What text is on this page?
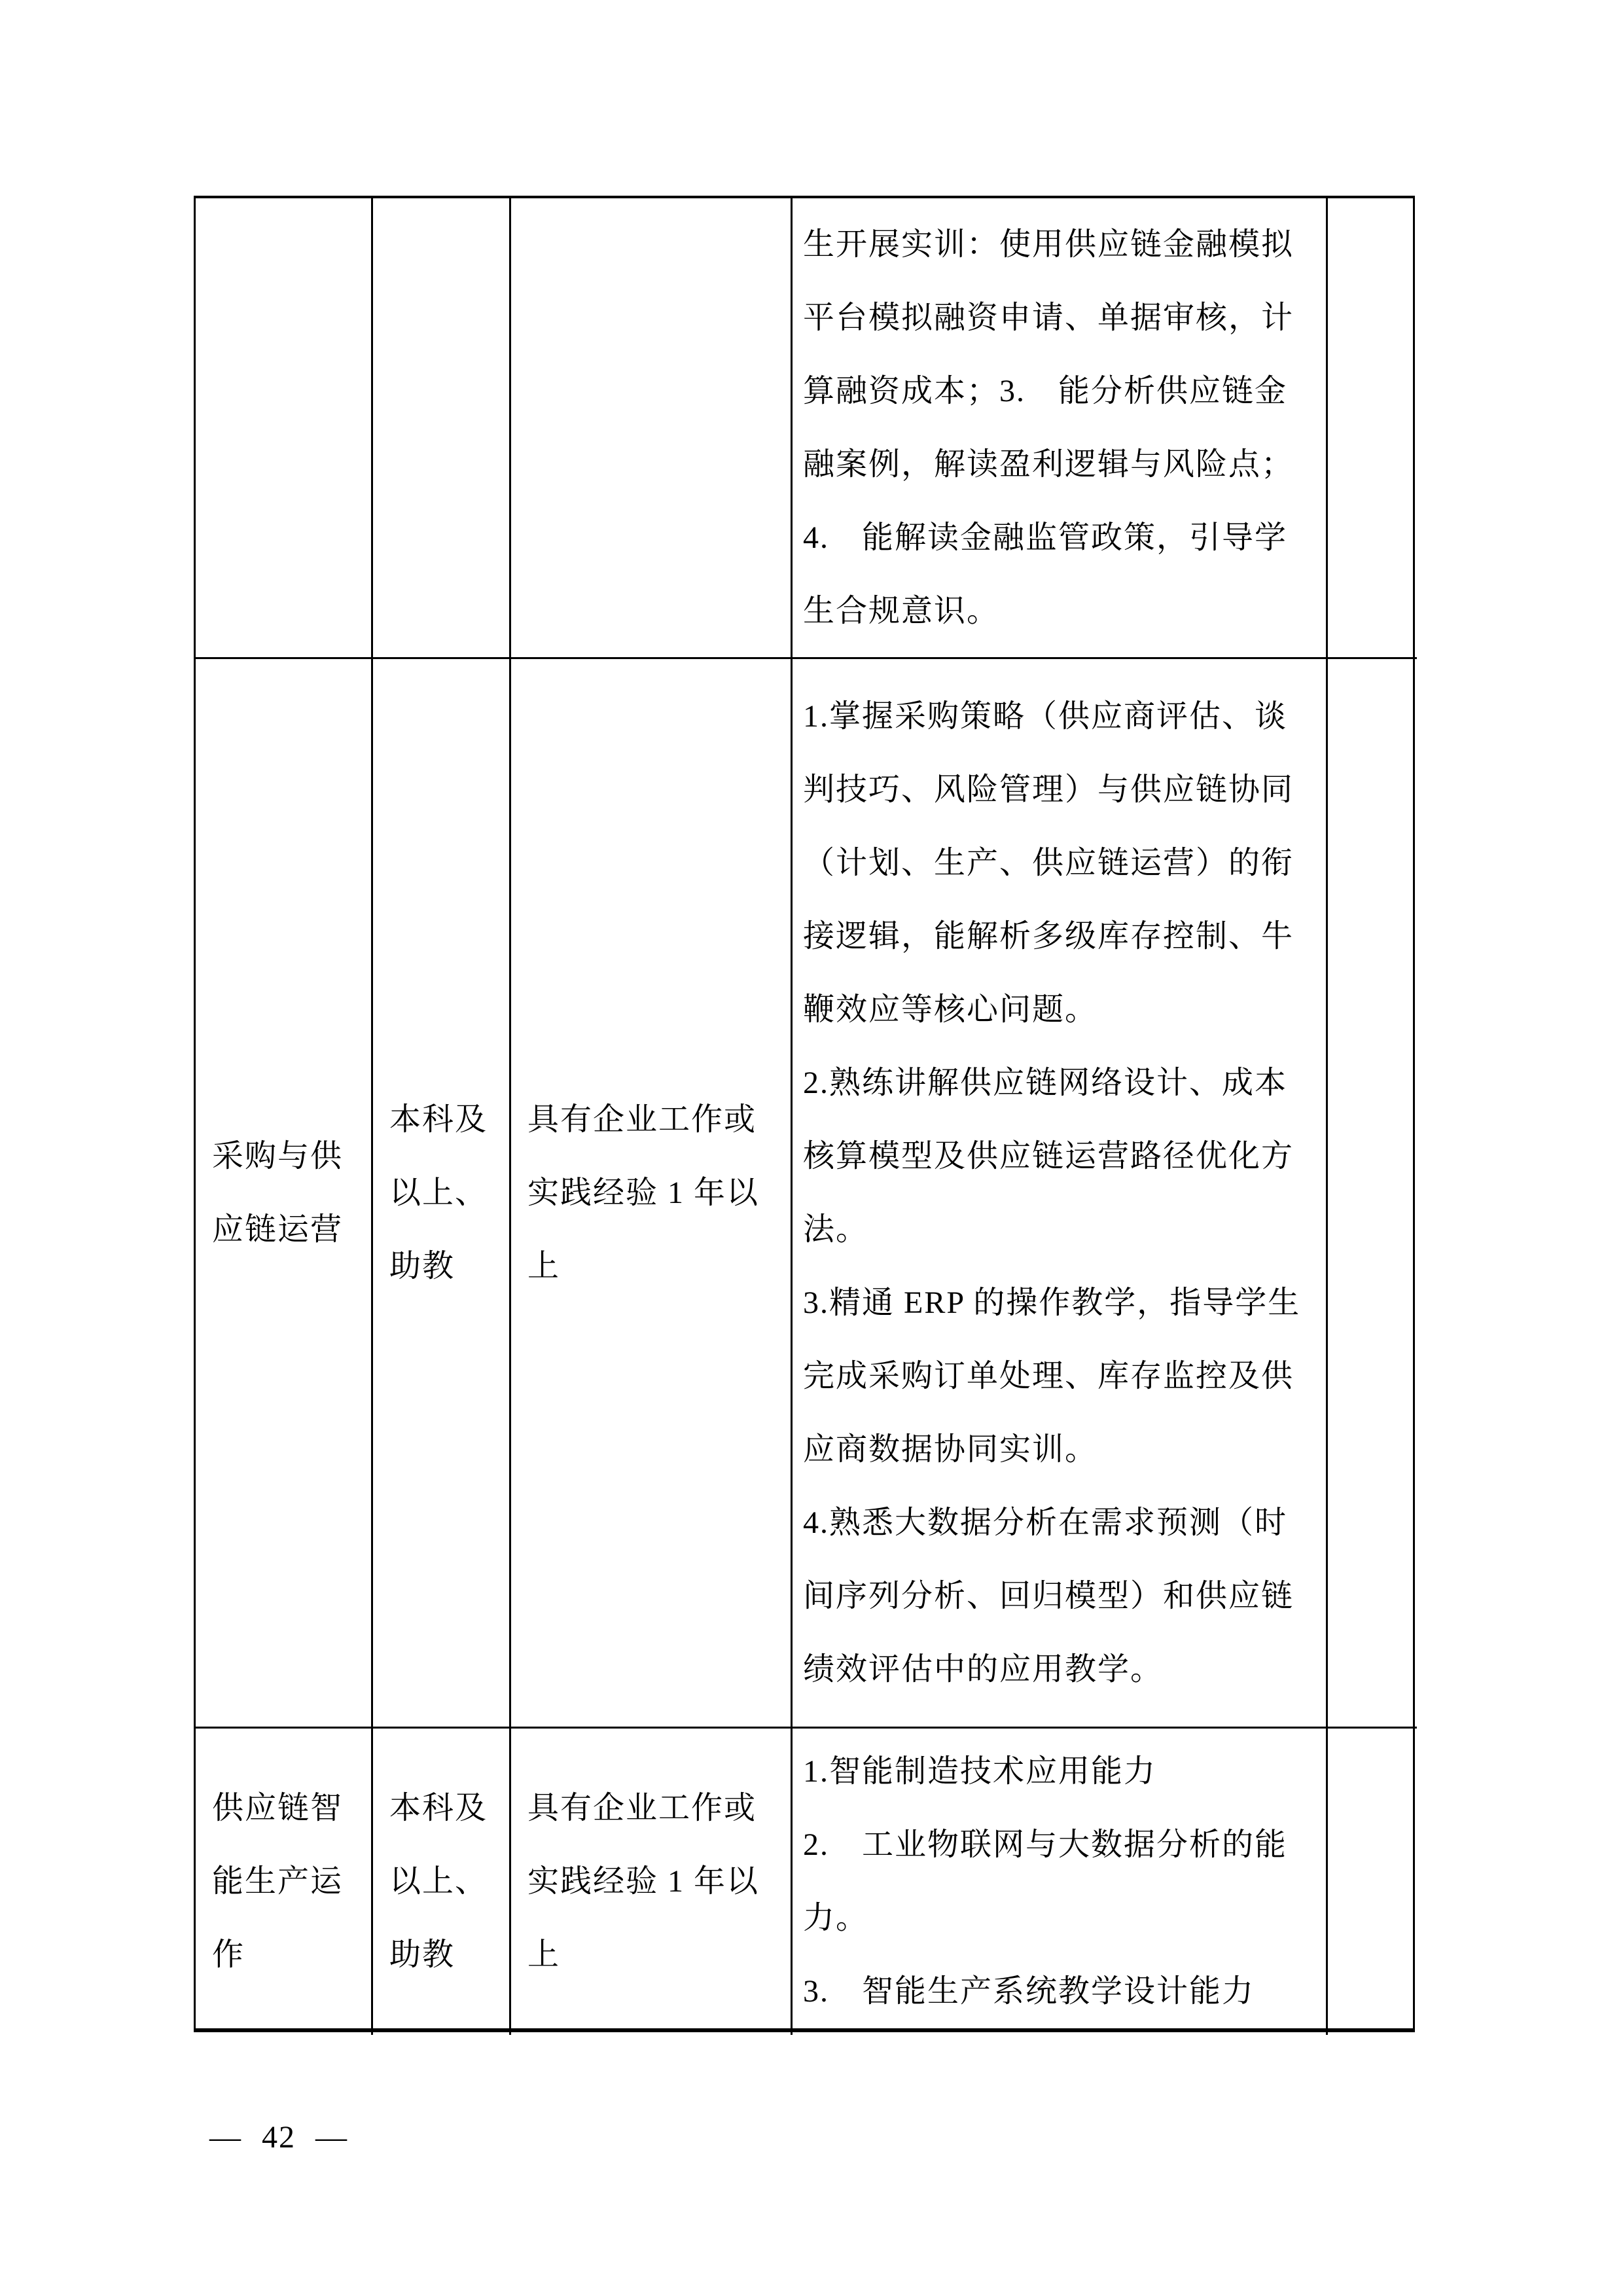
生开展实训：使用供应链金融模拟
平台模拟融资申请、单据审核，计
算融资成本；3.　能分析供应链金
融案例，解读盈利逻辑与风险点；
4.　能解读金融监管政策，引导学
生合规意识。
采购与供
应链运营
本科及
以上、
助教
具有企业工作或
实践经验 1 年以
上
1.掌握采购策略（供应商评估、谈
判技巧、风险管理）与供应链协同
（计划、生产、供应链运营）的衔
接逻辑，能解析多级库存控制、牛
鞭效应等核心问题。
2.熟练讲解供应链网络设计、成本
核算模型及供应链运营路径优化方
法。
3.精通 ERP 的操作教学，指导学生
完成采购订单处理、库存监控及供
应商数据协同实训。
4.熟悉大数据分析在需求预测（时
间序列分析、回归模型）和供应链
绩效评估中的应用教学。
供应链智
能生产运
作
本科及
以上、
助教
具有企业工作或
实践经验 1 年以
上
1.智能制造技术应用能力
2.　工业物联网与大数据分析的能
力。
3.　智能生产系统教学设计能力
— 42 —
